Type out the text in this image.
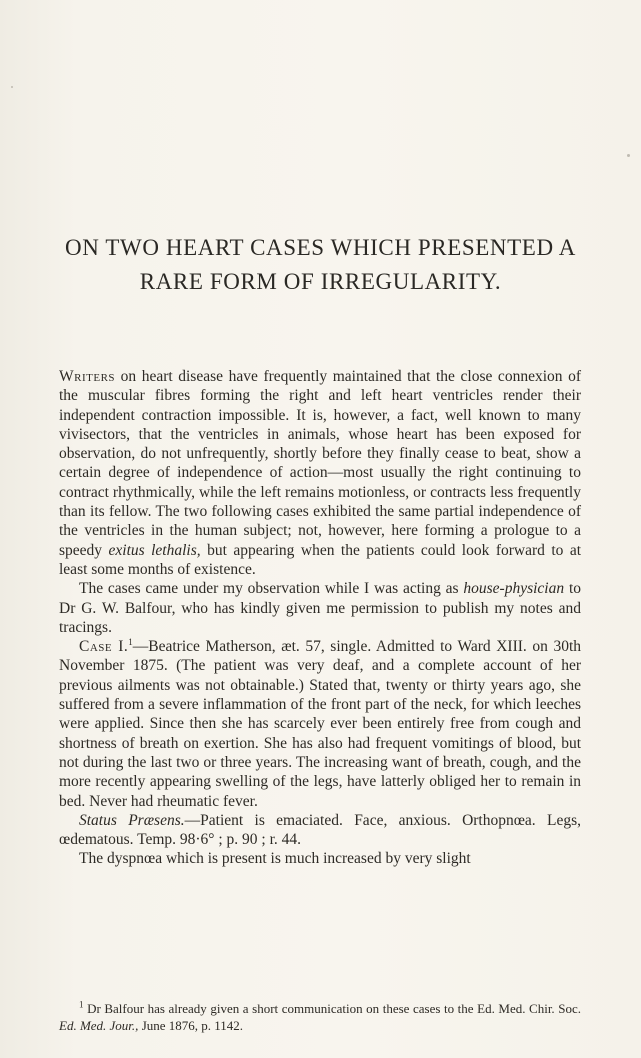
ON TWO HEART CASES WHICH PRESENTED A
RARE FORM OF IRREGULARITY.

Writers on heart disease have frequently maintained that the close connexion of the muscular fibres forming the right and left heart ventricles render their independent contraction impossible. It is, however, a fact, well known to many vivisectors, that the ventricles in animals, whose heart has been exposed for observation, do not unfrequently, shortly before they finally cease to beat, show a certain degree of independence of action—most usually the right continuing to contract rhythmically, while the left remains motionless, or contracts less frequently than its fellow. The two following cases exhibited the same partial independence of the ventricles in the human subject; not, however, here forming a prologue to a speedy exitus lethalis, but appearing when the patients could look forward to at least some months of existence.

The cases came under my observation while I was acting as house-physician to Dr G. W. Balfour, who has kindly given me permission to publish my notes and tracings.

Case I.$^1$—Beatrice Matherson, æt. 57, single. Admitted to Ward XIII. on 30th November 1875. (The patient was very deaf, and a complete account of her previous ailments was not obtainable.) Stated that, twenty or thirty years ago, she suffered from a severe inflammation of the front part of the neck, for which leeches were applied. Since then she has scarcely ever been entirely free from cough and shortness of breath on exertion. She has also had frequent vomitings of blood, but not during the last two or three years. The increasing want of breath, cough, and the more recently appearing swelling of the legs, have latterly obliged her to remain in bed. Never had rheumatic fever.

Status Præsens.—Patient is emaciated. Face, anxious. Orthopnœa. Legs, œdematous. Temp. 98·6° ; p. 90 ; r. 44.

The dyspnœa which is present is much increased by very slight

$^1$ Dr Balfour has already given a short communication on these cases to the Ed. Med. Chir. Soc. Ed. Med. Jour., June 1876, p. 1142.
